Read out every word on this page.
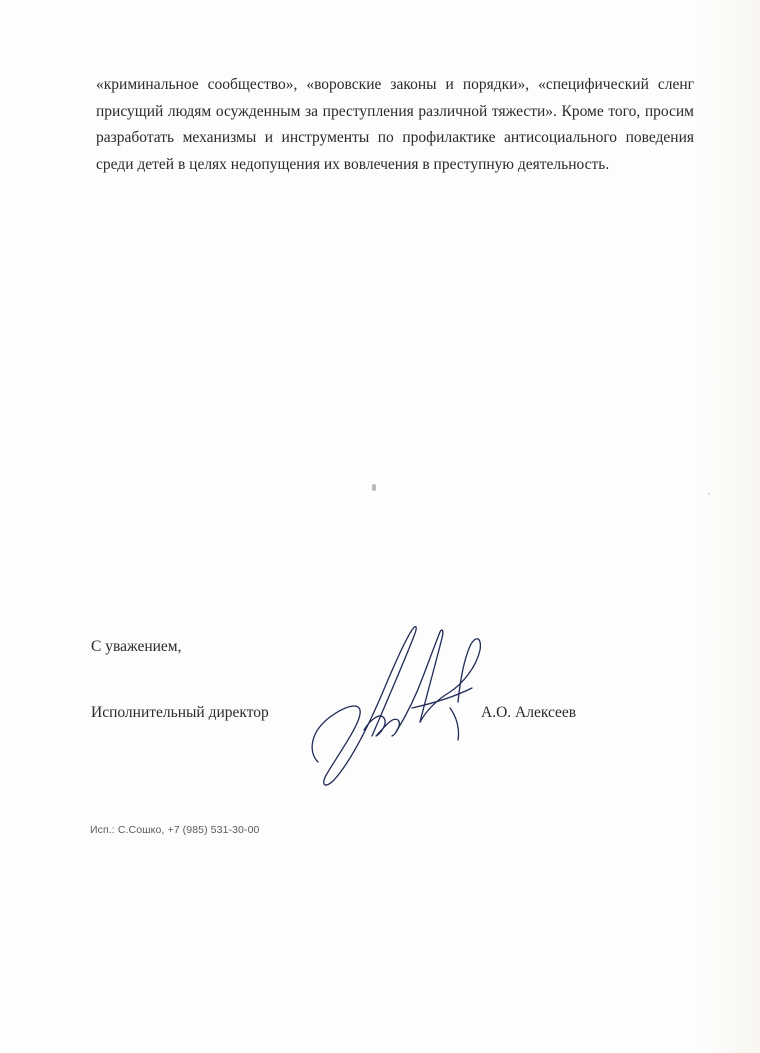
«криминальное сообщество», «воровские законы и порядки», «специфический сленг присущий людям осужденным за преступления различной тяжести». Кроме того, просим разработать механизмы и инструменты по профилактике антисоциального поведения среди детей в целях недопущения их вовлечения в преступную деятельность.

С уважением,

Исполнительный директор	А.О. Алексеев

Исп.: С.Сошко, +7 (985) 531-30-00
